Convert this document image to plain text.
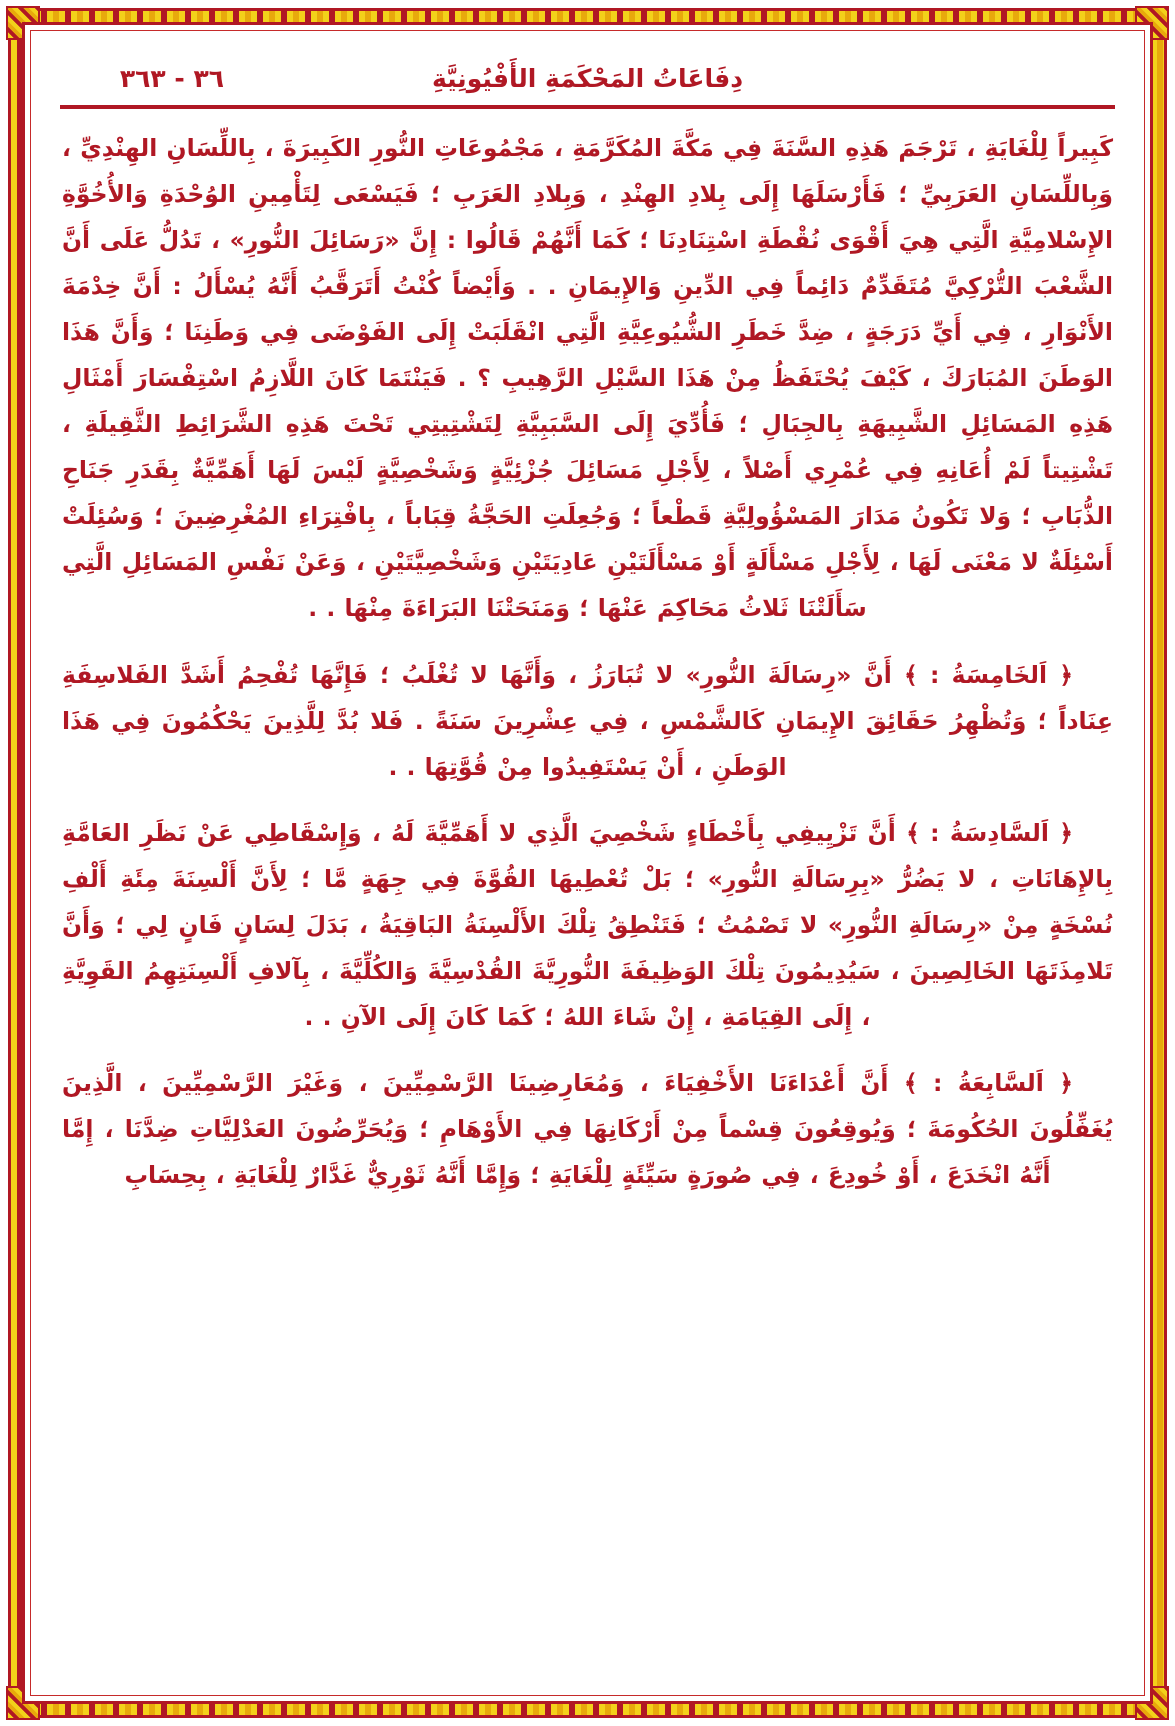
٣٦ - ٣٦٣	دِفَاعَاتُ المَحْكَمَةِ الأَفْيُونِيَّةِ

كَبِيراً لِلْغَايَةِ ، تَرْجَمَ هَذِهِ السَّنَةَ فِي مَكَّةَ المُكَرَّمَةِ ، مَجْمُوعَاتِ النُّورِ الكَبِيرَةَ ، بِاللِّسَانِ الهِنْدِيِّ ، وَبِاللِّسَانِ العَرَبِيِّ ؛ فَأَرْسَلَهَا إِلَى بِلادِ الهِنْدِ ، وَبِلادِ العَرَبِ ؛ فَيَسْعَى لِتَأْمِينِ الوُحْدَةِ وَالأُخُوَّةِ الإِسْلامِيَّةِ الَّتِي هِيَ أَقْوَى نُقْطَةِ اسْتِنَادِنَا ؛ كَمَا أَنَّهُمْ قَالُوا : إِنَّ «رَسَائِلَ النُّورِ» ، تَدُلُّ عَلَى أَنَّ الشَّعْبَ التُّرْكِيَّ مُتَقَدِّمٌ دَائِماً فِي الدِّينِ وَالإِيمَانِ . . وَأَيْضاً كُنْتُ أَتَرَقَّبُ أَنَّهُ يُسْأَلُ : أَنَّ خِدْمَةَ الأَنْوَارِ ، فِي أَيِّ دَرَجَةٍ ، ضِدَّ خَطَرِ الشُّيُوعِيَّةِ الَّتِي انْقَلَبَتْ إِلَى الفَوْضَى فِي وَطَنِنَا ؛ وَأَنَّ هَذَا الوَطَنَ المُبَارَكَ ، كَيْفَ يُحْتَفَظُ مِنْ هَذَا السَّيْلِ الرَّهِيبِ ؟ . فَيَنْتَمَا كَانَ اللَّازِمُ اسْتِفْسَارَ أَمْثَالِ هَذِهِ المَسَائِلِ الشَّبِيهَةِ بِالجِبَالِ ؛ فَأُدِّيَ إِلَى السَّبَبِيَّةِ لِتَشْتِيتِي تَحْتَ هَذِهِ الشَّرَائِطِ الثَّقِيلَةِ ، تَشْتِيتاً لَمْ أُعَانِهِ فِي عُمْرِي أَصْلاً ، لِأَجْلِ مَسَائِلَ جُزْئِيَّةٍ وَشَخْصِيَّةٍ لَيْسَ لَهَا أَهَمِّيَّةٌ بِقَدَرِ جَنَاحِ الذُّبَابِ ؛ وَلا تَكُونُ مَدَارَ المَسْؤُولِيَّةِ قَطْعاً ؛ وَجُعِلَتِ الحَجَّةُ قِبَاباً ، بِافْتِرَاءِ المُغْرِضِينَ ؛ وَسُئِلَتْ أَسْئِلَةٌ لا مَعْنَى لَهَا ، لِأَجْلِ مَسْأَلَةٍ أَوْ مَسْأَلَتَيْنِ عَادِيَتَيْنِ وَشَخْصِيَّتَيْنِ ، وَعَنْ نَفْسِ المَسَائِلِ الَّتِي سَأَلَتْنَا ثَلاثُ مَحَاكِمَ عَنْهَا ؛ وَمَنَحَتْنَا البَرَاءَةَ مِنْهَا . .

﴿ اَلخَامِسَةُ : ﴾ أَنَّ «رِسَالَةَ النُّورِ» لا تُبَارَزُ ، وَأَنَّهَا لا تُغْلَبُ ؛ فَإِنَّهَا تُفْحِمُ أَشَدَّ الفَلاسِفَةِ عِنَاداً ؛ وَتُظْهِرُ حَقَائِقَ الإِيمَانِ كَالشَّمْسِ ، فِي عِشْرِينَ سَنَةً . فَلا بُدَّ لِلَّذِينَ يَحْكُمُونَ فِي هَذَا الوَطَنِ ، أَنْ يَسْتَفِيدُوا مِنْ قُوَّتِهَا . .

﴿ اَلسَّادِسَةُ : ﴾ أَنَّ تَزْيِيفِي بِأَخْطَاءٍ شَخْصِيَ الَّذِي لا أَهَمِّيَّةَ لَهُ ، وَإِسْقَاطِي عَنْ نَظَرِ العَامَّةِ بِالإِهَانَاتِ ، لا يَضُرُّ «بِرِسَالَةِ النُّورِ» ؛ بَلْ تُعْطِيهَا القُوَّةَ فِي جِهَةٍ مَّا ؛ لِأَنَّ أَلْسِنَةَ مِئَةِ أَلْفِ نُسْخَةٍ مِنْ «رِسَالَةِ النُّورِ» لا تَصْمُتُ ؛ فَتَنْطِقُ تِلْكَ الأَلْسِنَةُ البَاقِيَةُ ، بَدَلَ لِسَانٍ فَانٍ لِي ؛ وَأَنَّ تَلامِذَتَهَا الخَالِصِينَ ، سَيُدِيمُونَ تِلْكَ الوَظِيفَةَ النُّورِيَّةَ القُدْسِيَّةَ وَالكُلِّيَّةَ ، بِآلافِ أَلْسِنَتِهِمُ القَوِيَّةِ ، إِلَى القِيَامَةِ ، إِنْ شَاءَ اللهُ ؛ كَمَا كَانَ إِلَى الآنِ . .

﴿ اَلسَّابِعَةُ : ﴾ أَنَّ أَعْدَاءَنَا الأَخْفِيَاءَ ، وَمُعَارِضِينَا الرَّسْمِيِّينَ ، وَغَيْرَ الرَّسْمِيِّينَ ، الَّذِينَ يُغَفِّلُونَ الحُكُومَةَ ؛ وَيُوقِعُونَ قِسْماً مِنْ أَرْكَانِهَا فِي الأَوْهَامِ ؛ وَيُحَرِّضُونَ العَدْلِيَّاتِ ضِدَّنَا ، إِمَّا أَنَّهُ انْخَدَعَ ، أَوْ خُودِعَ ، فِي صُورَةٍ سَيِّئَةٍ لِلْغَايَةِ ؛ وَإِمَّا أَنَّهُ ثَوْرِيٌّ غَدَّارٌ لِلْغَايَةِ ، بِحِسَابِ
